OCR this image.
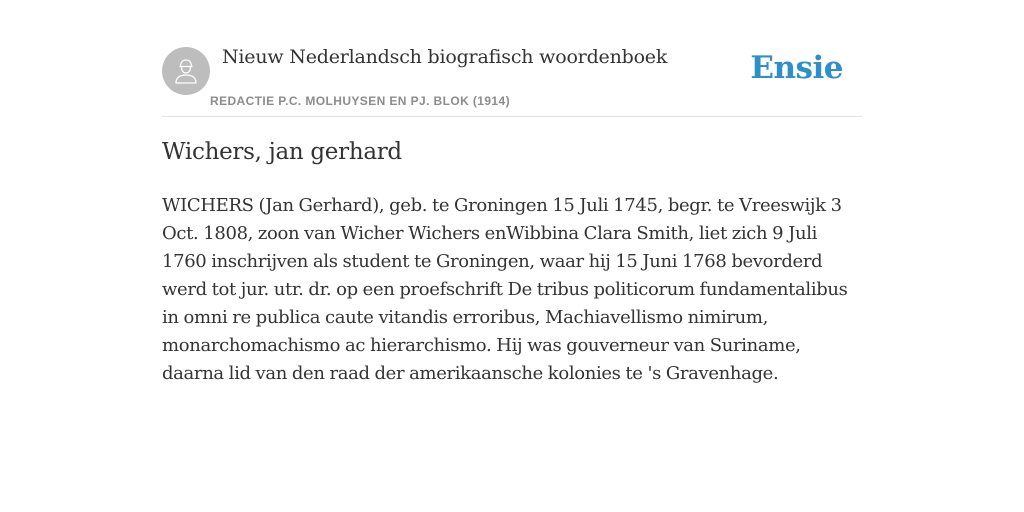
Nieuw Nederlandsch biografisch woordenboek
REDACTIE P.C. MOLHUYSEN EN PJ. BLOK (1914)
Ensie
Wichers, jan gerhard

WICHERS (Jan Gerhard), geb. te Groningen 15 Juli 1745, begr. te Vreeswijk 3 Oct. 1808, zoon van Wicher Wichers enWibbina Clara Smith, liet zich 9 Juli 1760 inschrijven als student te Groningen, waar hij 15 Juni 1768 bevorderd werd tot jur. utr. dr. op een proefschrift De tribus politicorum fundamentalibus in omni re publica caute vitandis erroribus, Machiavellismo nimirum, monarchomachismo ac hierarchismo. Hij was gouverneur van Suriname, daarna lid van den raad der amerikaansche kolonies te 's Gravenhage.
